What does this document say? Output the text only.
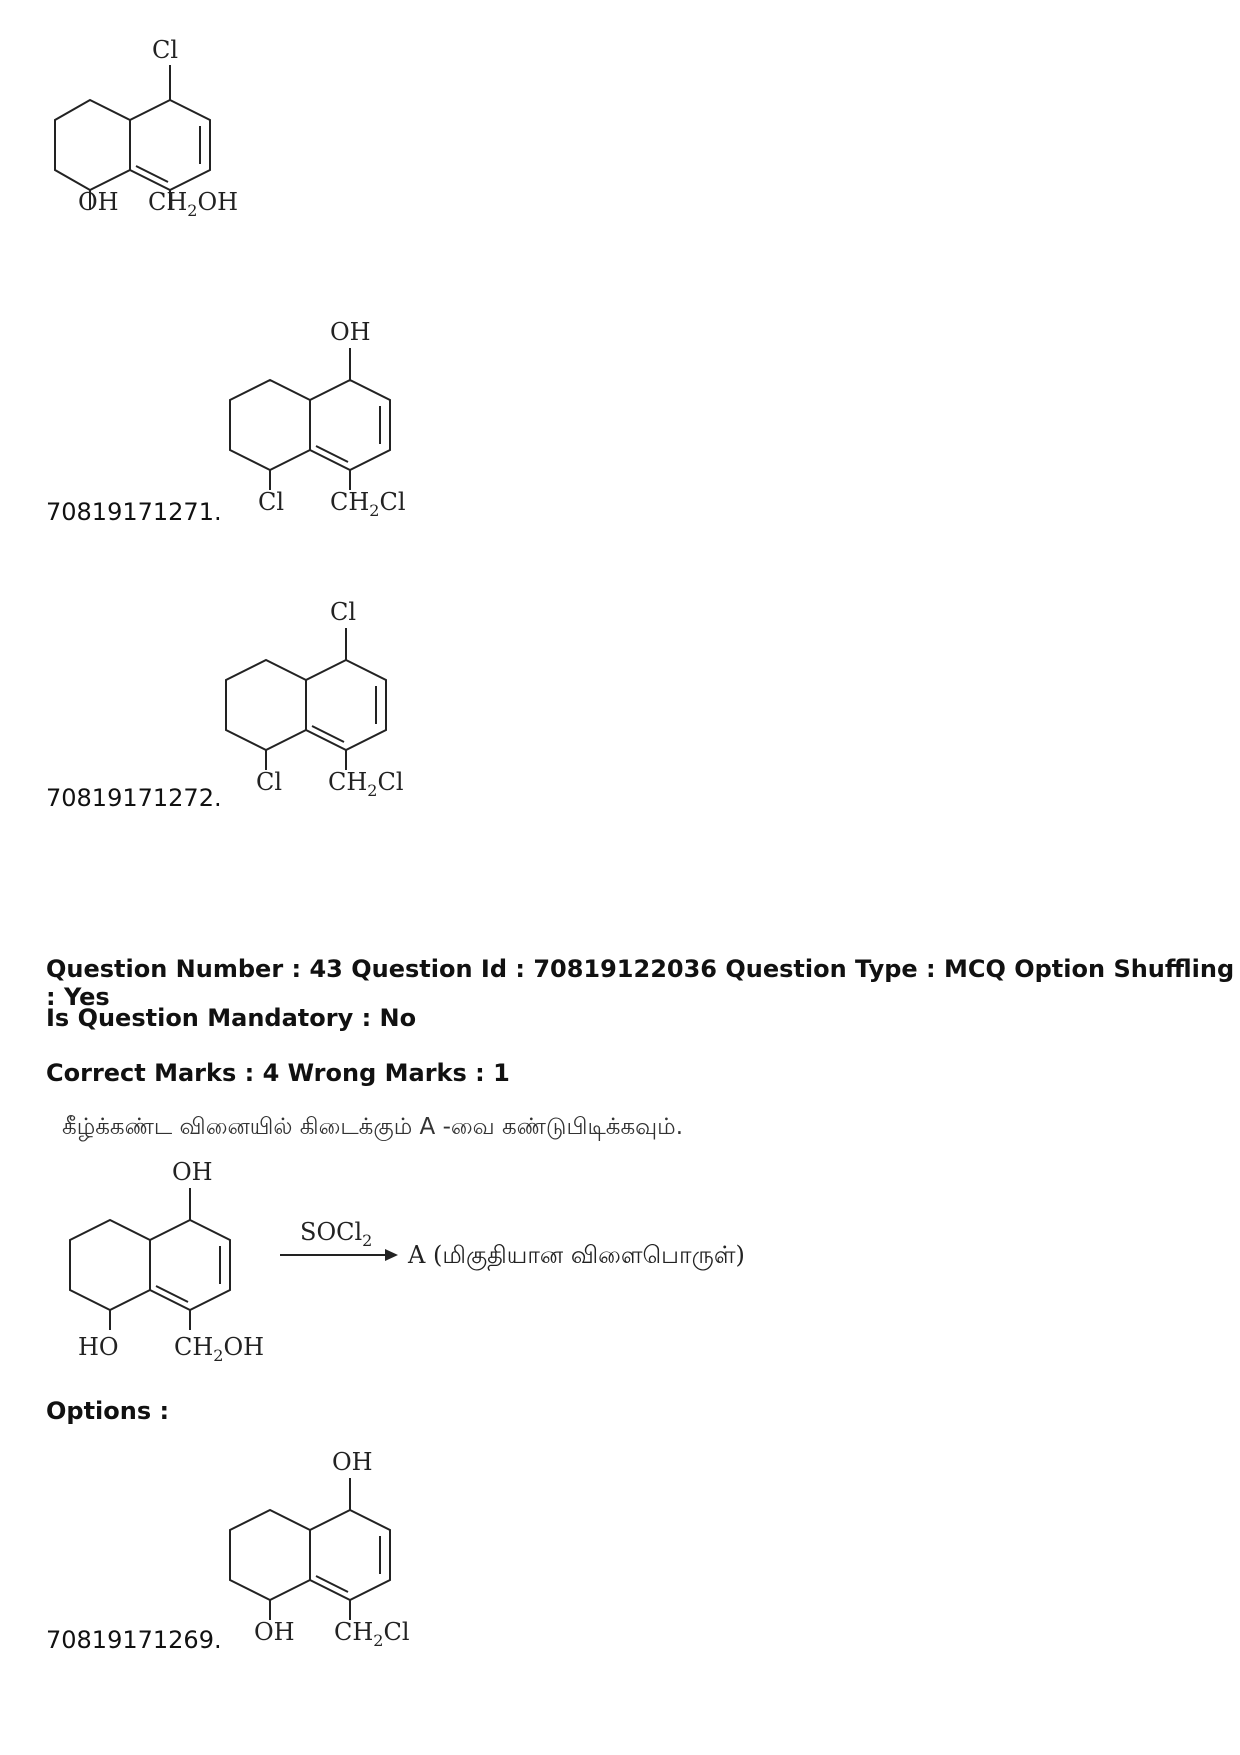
Cl
OH $CH_2OH$
70819171271.
OH
Cl $CH_2Cl$
70819171272.
Cl
Cl $CH_2Cl$
Question Number : 43 Question Id : 70819122036 Question Type : MCQ Option Shuffling : Yes
Is Question Mandatory : No
Correct Marks : 4 Wrong Marks : 1
கீழ்க்கண்ட வினையில் கிடைக்கும் A -வை கண்டுபிடிக்கவும்.
OH
HO $CH_2OH$
SOCl$_2$
A (மிகுதியான விளைபொருள்)
Options :
70819171269.
OH
OH $CH_2Cl$
